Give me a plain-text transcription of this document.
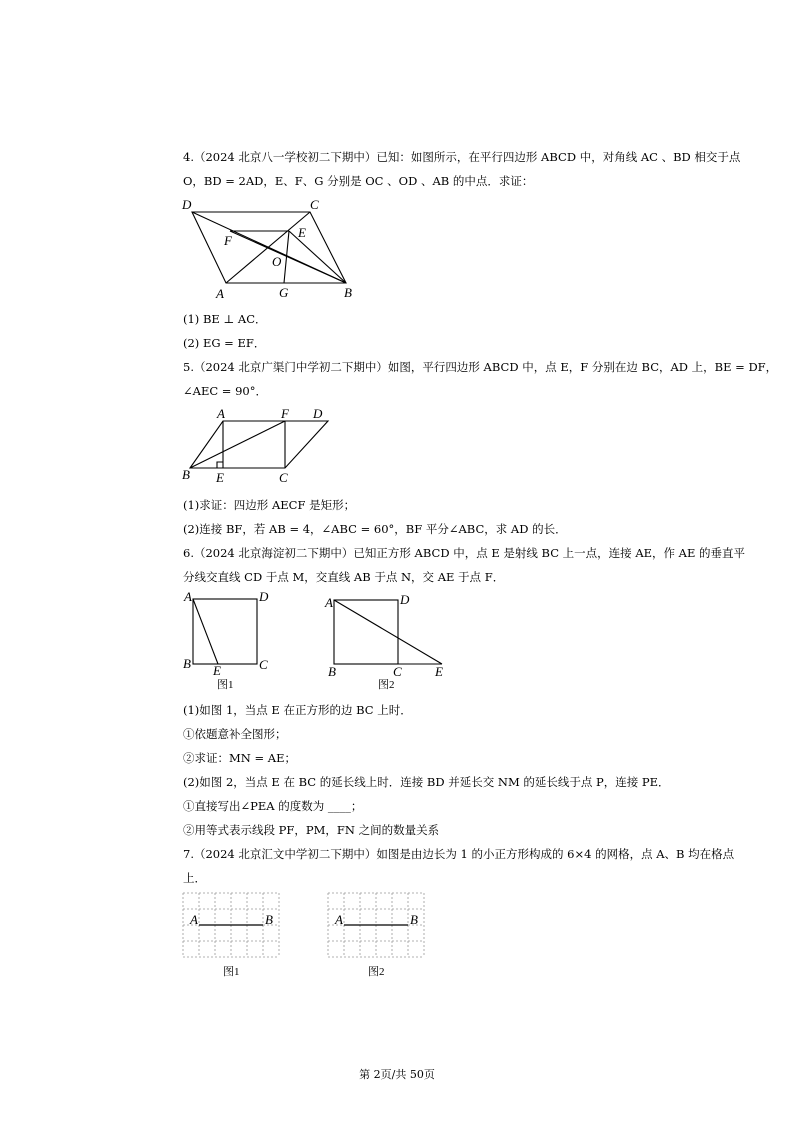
4.（2024 北京八一学校初二下期中）已知：如图所示，在平行四边形 ABCD 中，对角线 AC 、BD 相交于点
O，BD = 2AD，E、F、G 分别是 OC 、OD 、AB 的中点．求证：
D	C
F
E
O
A	G	B
(1) BE ⊥ AC．
(2) EG = EF．
5.（2024 北京广渠门中学初二下期中）如图，平行四边形 ABCD 中，点 E，F 分别在边 BC，AD 上，BE = DF，
∠AEC = 90°．
A	F D
B E	C
(1)求证：四边形 AECF 是矩形；
(2)连接 BF，若 AB = 4，∠ABC = 60°，BF 平分∠ABC，求 AD 的长．
6.（2024 北京海淀初二下期中）已知正方形 ABCD 中，点 E 是射线 BC 上一点，连接 AE，作 AE 的垂直平
分线交直线 CD 于点 M，交直线 AB 于点 N，交 AE 于点 F．
A	D
B E	C
图1
A	D
B	C	E
图2
(1)如图 1，当点 E 在正方形的边 BC 上时．
①依题意补全图形；
②求证：MN = AE；
(2)如图 2，当点 E 在 BC 的延长线上时．连接 BD 并延长交 NM 的延长线于点 P，连接 PE．
①直接写出∠PEA 的度数为 ____；
②用等式表示线段 PF，PM，FN 之间的数量关系
7.（2024 北京汇文中学初二下期中）如图是由边长为 1 的小正方形构成的 6×4 的网格，点 A、B 均在格点
上．
A	B
图1
A	B
图2
第 2页/共 50页
